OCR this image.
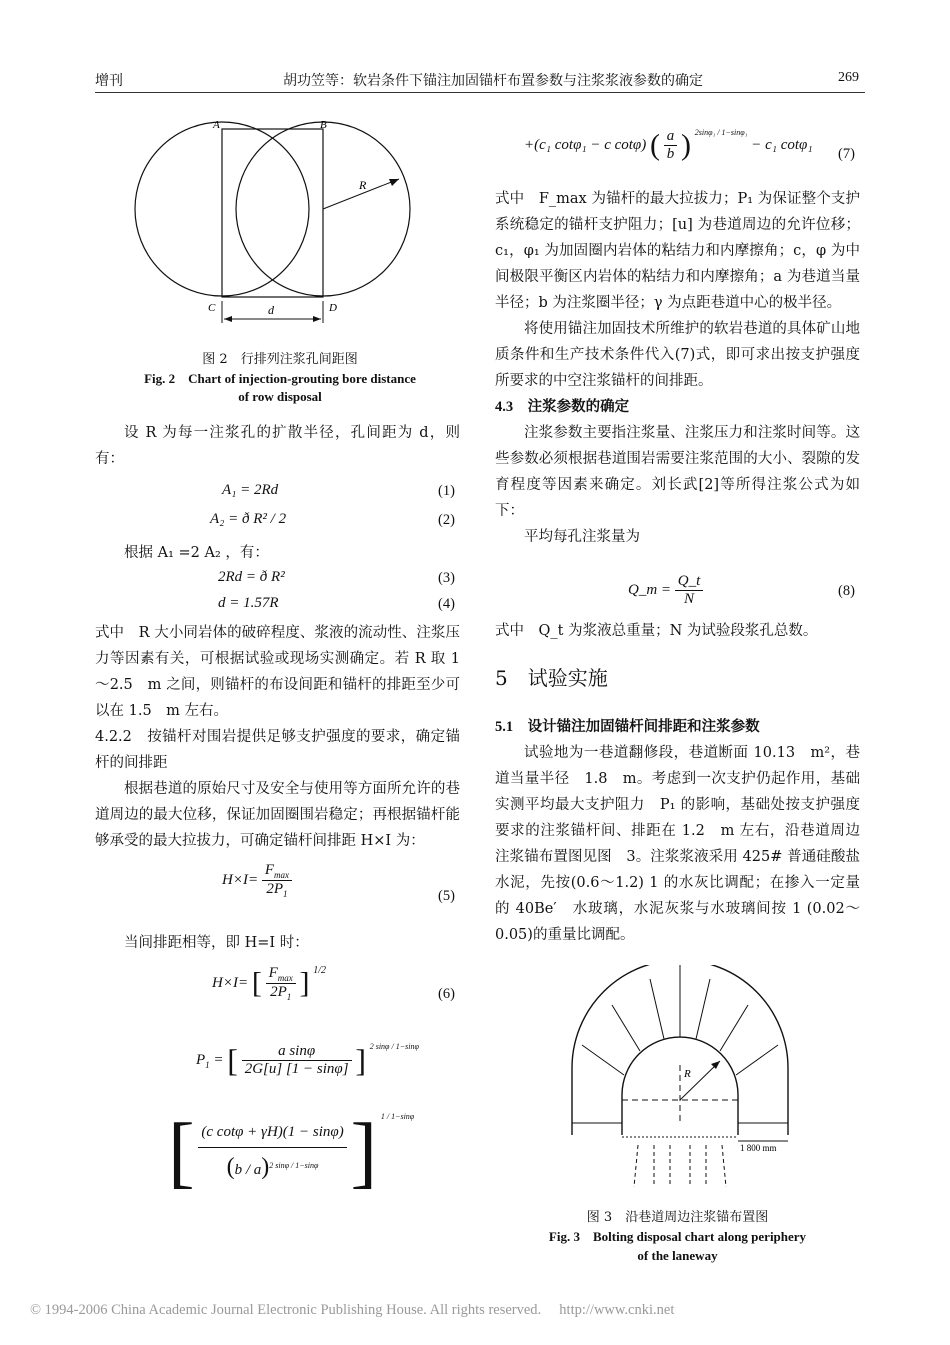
增刊	胡功笠等：软岩条件下锚注加固锚杆布置参数与注浆浆液参数的确定	269
A	B
C	D
R
d
图 2　行排列注浆孔间距图
Fig. 2　Chart of injection-grouting bore distance
of row disposal

设 R 为每一注浆孔的扩散半径，孔间距为 d，则有：

A₁ = 2Rd	(1)
A₂ = ð R² / 2	(2)

根据 A₁ =2 A₂ ，有：

2Rd = ð R²	(3)
d = 1.57R	(4)

式中　R 大小同岩体的破碎程度、浆液的流动性、注浆压力等因素有关，可根据试验或现场实测确定。若 R 取 1～2.5　m 之间，则锚杆的布设间距和锚杆的排距至少可以在 1.5　m 左右。

4.2.2　按锚杆对围岩提供足够支护强度的要求，确定锚杆的间排距

根据巷道的原始尺寸及安全与使用等方面所允许的巷道周边的最大位移，保证加固圈围岩稳定；再根据锚杆能够承受的最大拉拔力，可确定锚杆间排距 H×I 为：

$H\times I= \frac{F_{max}}{2P_1}$	(5)

当间排距相等，即 H=I 时：

H×I= [ $\frac{F_{max}}{2P_1}$ ] $^{1/2}$
(6)
$P_1$ = [ $\frac{\text{a sinφ}}{2G[u] [1 - \sin\varphi]}$ ] $^{2 sin\varphi / 1-sin\varphi}$
[ $\frac{\text{(c cotφ + γH)(1 − sinφ)}}{(b / a)^{2 sin\varphi / 1-sin\varphi}}$ ] $^{1 / 1-sin\varphi}$
+(c₁ cotφ₁ − c cotφ) ( $\frac{a}{b}$ ) $^{2sin\varphi_1 / 1-sin\varphi_1}$ − c₁ cotφ₁
(7)

式中　F_max 为锚杆的最大拉拔力；P₁ 为保证整个支护系统稳定的锚杆支护阻力；[u] 为巷道周边的允许位移；c₁，φ₁ 为加固圈内岩体的粘结力和内摩擦角；c，φ 为中间极限平衡区内岩体的粘结力和内摩擦角；a 为巷道当量半径；b 为注浆圈半径；γ 为点距巷道中心的极半径。

将使用锚注加固技术所维护的软岩巷道的具体矿山地质条件和生产技术条件代入(7)式，即可求出按支护强度所要求的中空注浆锚杆的间排距。

4.3　注浆参数的确定

注浆参数主要指注浆量、注浆压力和注浆时间等。这些参数必须根据巷道围岩需要注浆范围的大小、裂隙的发育程度等因素来确定。刘长武[2]等所得注浆公式为如下：

平均每孔注浆量为

Q_m = $\frac{Q\_t}{N}$	(8)

式中　Q_t 为浆液总重量；N 为试验段浆孔总数。

5　试验实施

5.1　设计锚注加固锚杆间排距和注浆参数

试验地为一巷道翻修段，巷道断面 10.13　m²，巷道当量半径　1.8　m。考虑到一次支护仍起作用，基础实测平均最大支护阻力　P₁ 的影响，基础处按支护强度要求的注浆锚杆间、排距在 1.2　m 左右，沿巷道周边注浆锚布置图见图　3。注浆浆液采用 425# 普通硅酸盐水泥，先按(0.6～1.2) 1 的水灰比调配；在掺入一定量的 40Be′　水玻璃，水泥灰浆与水玻璃间按 1 (0.02～0.05)的重量比调配。

R
1 800 mm
图 3　沿巷道周边注浆锚布置图
Fig. 3　Bolting disposal chart along periphery
of the laneway
© 1994-2006 China Academic Journal Electronic Publishing House. All rights reserved.　 http://www.cnki.net
